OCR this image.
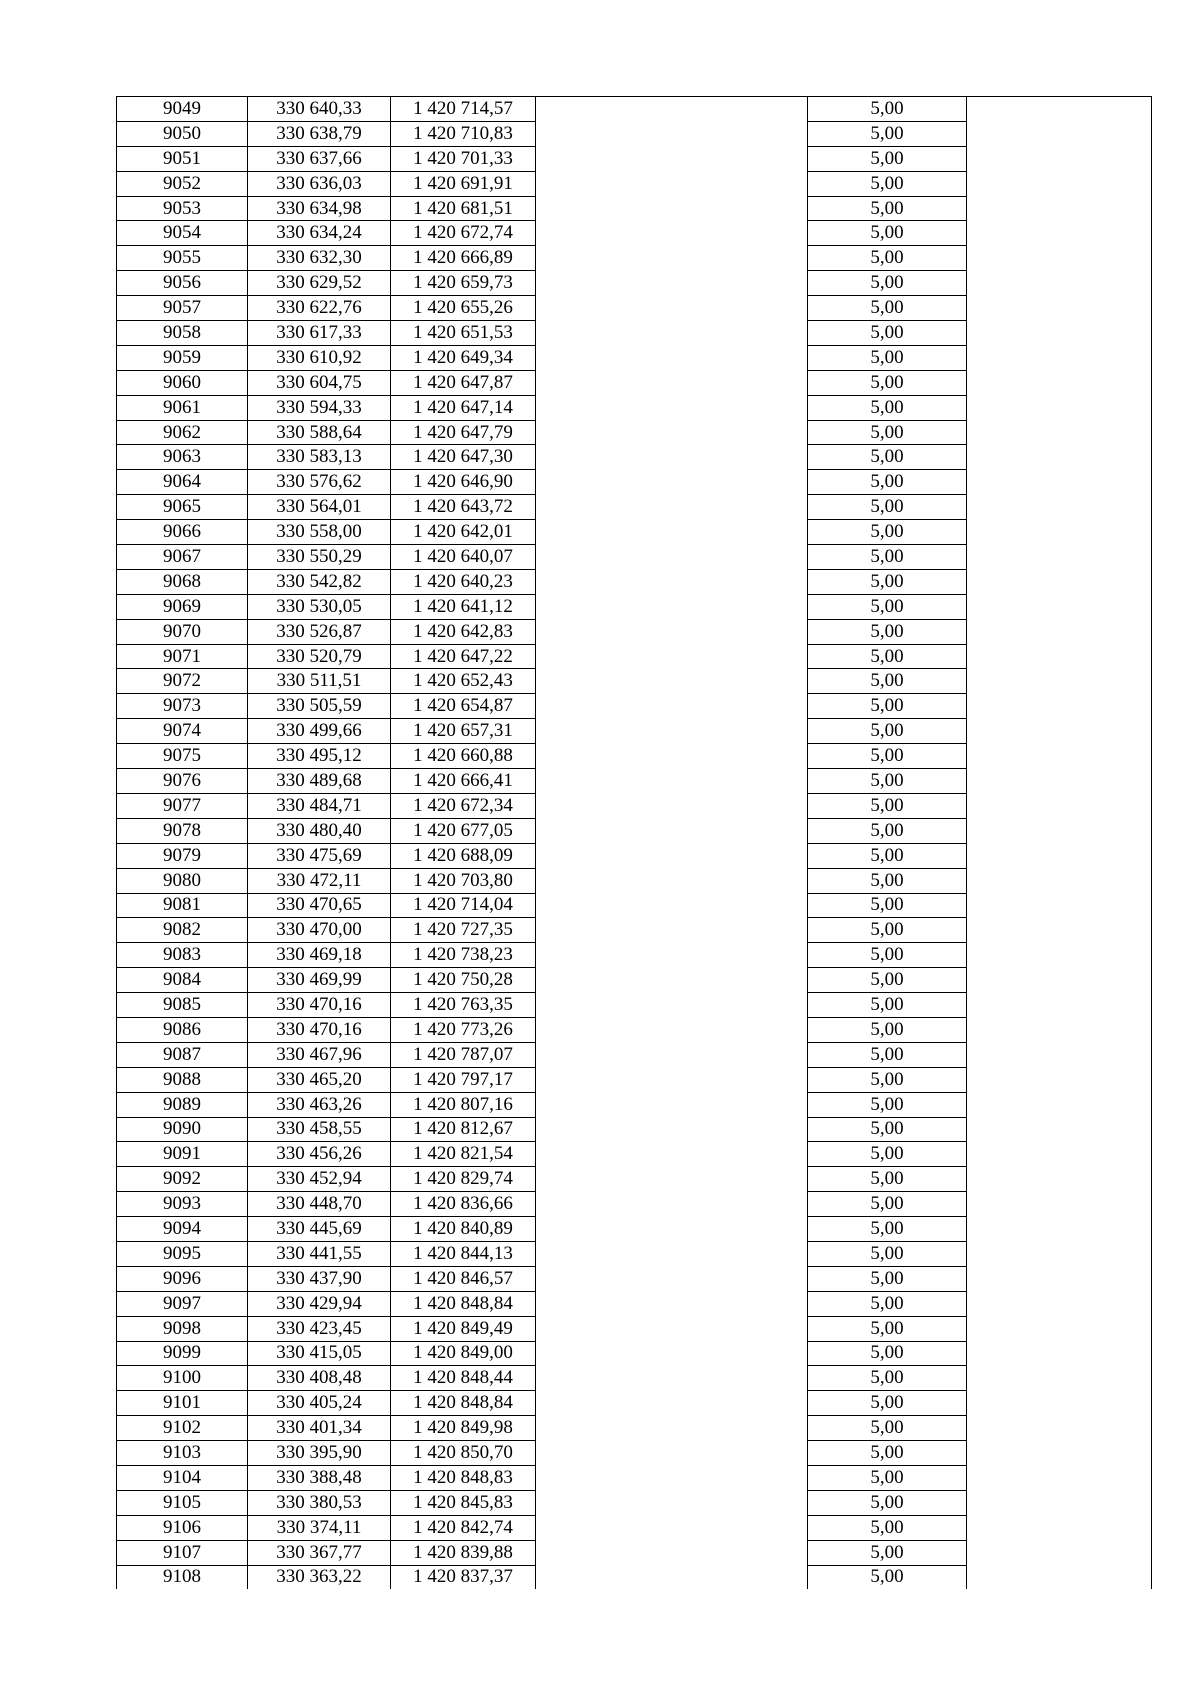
9049	330 640,33	1 420 714,57		5,00	
9050	330 638,79	1 420 710,83		5,00	
9051	330 637,66	1 420 701,33		5,00	
9052	330 636,03	1 420 691,91		5,00	
9053	330 634,98	1 420 681,51		5,00	
9054	330 634,24	1 420 672,74		5,00	
9055	330 632,30	1 420 666,89		5,00	
9056	330 629,52	1 420 659,73		5,00	
9057	330 622,76	1 420 655,26		5,00	
9058	330 617,33	1 420 651,53		5,00	
9059	330 610,92	1 420 649,34		5,00	
9060	330 604,75	1 420 647,87		5,00	
9061	330 594,33	1 420 647,14		5,00	
9062	330 588,64	1 420 647,79		5,00	
9063	330 583,13	1 420 647,30		5,00	
9064	330 576,62	1 420 646,90		5,00	
9065	330 564,01	1 420 643,72		5,00	
9066	330 558,00	1 420 642,01		5,00	
9067	330 550,29	1 420 640,07		5,00	
9068	330 542,82	1 420 640,23		5,00	
9069	330 530,05	1 420 641,12		5,00	
9070	330 526,87	1 420 642,83		5,00	
9071	330 520,79	1 420 647,22		5,00	
9072	330 511,51	1 420 652,43		5,00	
9073	330 505,59	1 420 654,87		5,00	
9074	330 499,66	1 420 657,31		5,00	
9075	330 495,12	1 420 660,88		5,00	
9076	330 489,68	1 420 666,41		5,00	
9077	330 484,71	1 420 672,34		5,00	
9078	330 480,40	1 420 677,05		5,00	
9079	330 475,69	1 420 688,09		5,00	
9080	330 472,11	1 420 703,80		5,00	
9081	330 470,65	1 420 714,04		5,00	
9082	330 470,00	1 420 727,35		5,00	
9083	330 469,18	1 420 738,23		5,00	
9084	330 469,99	1 420 750,28		5,00	
9085	330 470,16	1 420 763,35		5,00	
9086	330 470,16	1 420 773,26		5,00	
9087	330 467,96	1 420 787,07		5,00	
9088	330 465,20	1 420 797,17		5,00	
9089	330 463,26	1 420 807,16		5,00	
9090	330 458,55	1 420 812,67		5,00	
9091	330 456,26	1 420 821,54		5,00	
9092	330 452,94	1 420 829,74		5,00	
9093	330 448,70	1 420 836,66		5,00	
9094	330 445,69	1 420 840,89		5,00	
9095	330 441,55	1 420 844,13		5,00	
9096	330 437,90	1 420 846,57		5,00	
9097	330 429,94	1 420 848,84		5,00	
9098	330 423,45	1 420 849,49		5,00	
9099	330 415,05	1 420 849,00		5,00	
9100	330 408,48	1 420 848,44		5,00	
9101	330 405,24	1 420 848,84		5,00	
9102	330 401,34	1 420 849,98		5,00	
9103	330 395,90	1 420 850,70		5,00	
9104	330 388,48	1 420 848,83		5,00	
9105	330 380,53	1 420 845,83		5,00	
9106	330 374,11	1 420 842,74		5,00	
9107	330 367,77	1 420 839,88		5,00	
9108	330 363,22	1 420 837,37		5,00	
